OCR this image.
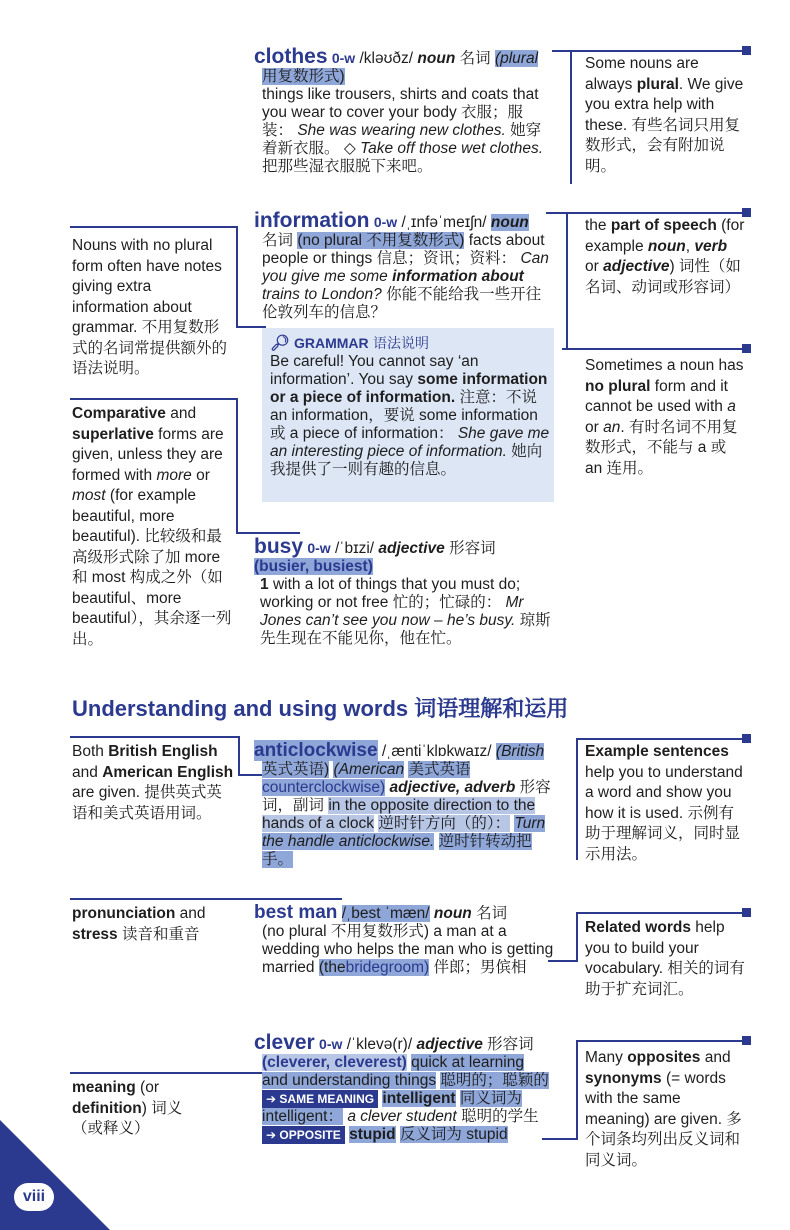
clothes 0-w /kləʊðz/ noun 名词 (plural
用复数形式)

things like trousers, shirts and coats that you wear to cover your body 衣服；服装： She was wearing new clothes. 她穿着新衣服。 ◇ Take off those wet clothes. 把那些湿衣服脱下来吧。
information 0-w /ˌɪnfəˈmeɪʃn/ noun

名词 (no plural 不用复数形式) facts about people or things 信息；资讯；资料： Can you give me some information about trains to London? 你能不能给我一些开往伦敦列车的信息？
🔎︎ GRAMMAR 语法说明
Be careful! You cannot say ‘an information’. You say some information or a piece of information. 注意：不说 an information，要说 some information 或 a piece of information： She gave me an interesting piece of information. 她向我提供了一则有趣的信息。
busy 0-w /ˈbɪzi/ adjective 形容词 (busier, busiest)

1 with a lot of things that you must do; working or not free 忙的；忙碌的： Mr Jones can’t see you now – he’s busy. 琼斯先生现在不能见你，他在忙。
Nouns with no plural form often have notes giving extra information about grammar. 不用复数形式的名词常提供额外的语法说明。
Comparative and superlative forms are given, unless they are formed with more or most (for example beautiful, more beautiful). 比较级和最高级形式除了加 more 和 most 构成之外（如 beautiful、more beautiful），其余逐一列出。
Some nouns are always plural. We give you extra help with these. 有些名词只用复数形式，会有附加说明。
the part of speech (for example noun, verb or adjective) 词性（如名词、动词或形容词）
Sometimes a noun has no plural form and it cannot be used with a or an. 有时名词不用复数形式，不能与 a 或 an 连用。
Understanding and using words 词语理解和运用
anticlockwise /ˌæntiˈklɒkwaɪz/ (British

英式英语) (American 美式英语 counterclockwise) adjective, adverb 形容词，副词 in the opposite direction to the hands of a clock 逆时针方向（的）： Turn the handle anticlockwise. 逆时针转动把手。
best man /ˌbest ˈmæn/ noun 名词

(no plural 不用复数形式) a man at a wedding who helps the man who is getting married (thebridegroom) 伴郎；男傧相
clever 0-w /ˈklevə(r)/ adjective 形容词

(cleverer, cleverest) quick at learning and understanding things 聪明的；聪颖的 ➔ SAME MEANING intelligent 同义词为 intelligent： a clever student 聪明的学生 ➔ OPPOSITE stupid 反义词为 stupid
Both British English and American English are given. 提供英式英语和美式英语用词。
Example sentences help you to understand a word and show you how it is used. 示例有助于理解词义，同时显示用法。
pronunciation and stress 读音和重音	Related words help you to build your vocabulary. 相关的词有助于扩充词汇。
meaning (or definition) 词义（或释义）
Many opposites and synonyms (= words with the same meaning) are given. 多个词条均列出反义词和同义词。
viii
